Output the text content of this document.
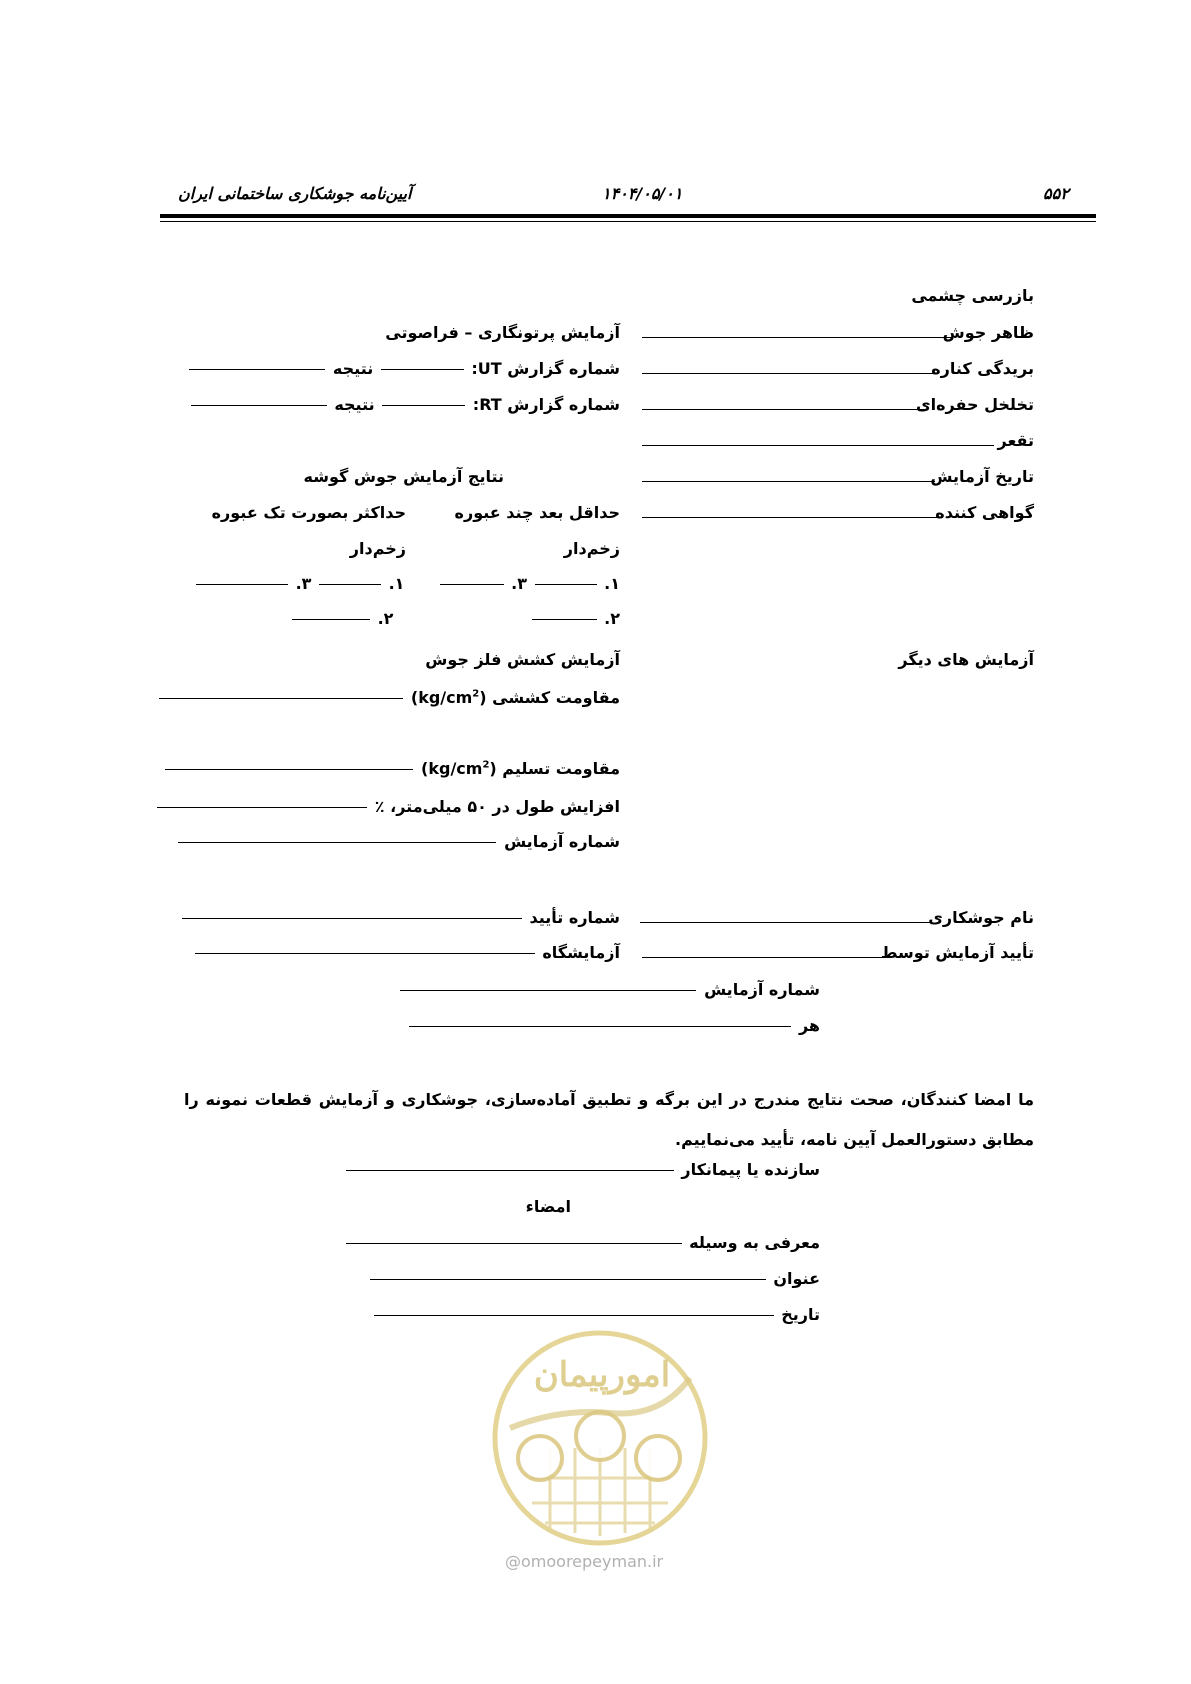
۵۵۲
۱۴۰۴/۰۵/۰۱
آیین‌نامه جوشکاری ساختمانی ایران
بازرسی چشمی
ظاهر جوش
بریدگی کناره
تخلخل حفره‌ای
تقعر
تاریخ آزمایش
گواهی کننده
آزمایش پرتونگاری – فراصوتی
شماره گزارش UT:  نتیجه
شماره گزارش RT:  نتیجه
نتایج آزمایش جوش گوشه
حداقل بعد چند عبوره
حداکثر بصورت تک عبوره
زخم‌دار
زخم‌دار
۱.  ۳.   ۱.  ۳.
۲.   ۲.
آزمایش های دیگر
آزمایش کشش فلز جوش
مقاومت کششی $(kg/cm^2)$
مقاومت تسلیم $(kg/cm^2)$
افزایش طول در ۵۰ میلی‌متر، ٪
شماره آزمایش
نام جوشکاری
شماره تأیید
تأیید آزمایش توسط
آزمایشگاه
شماره آزمایش
هر
ما امضا کنندگان، صحت نتایج مندرج در این برگه و تطبیق آماده‌سازی، جوشکاری و آزمایش قطعات نمونه را مطابق دستورالعمل آیین نامه، تأیید می‌نماییم.
سازنده یا پیمانکار
امضاء
معرفی به وسیله
عنوان
تاریخ
امورپیمان
@omoorepeyman.ir
